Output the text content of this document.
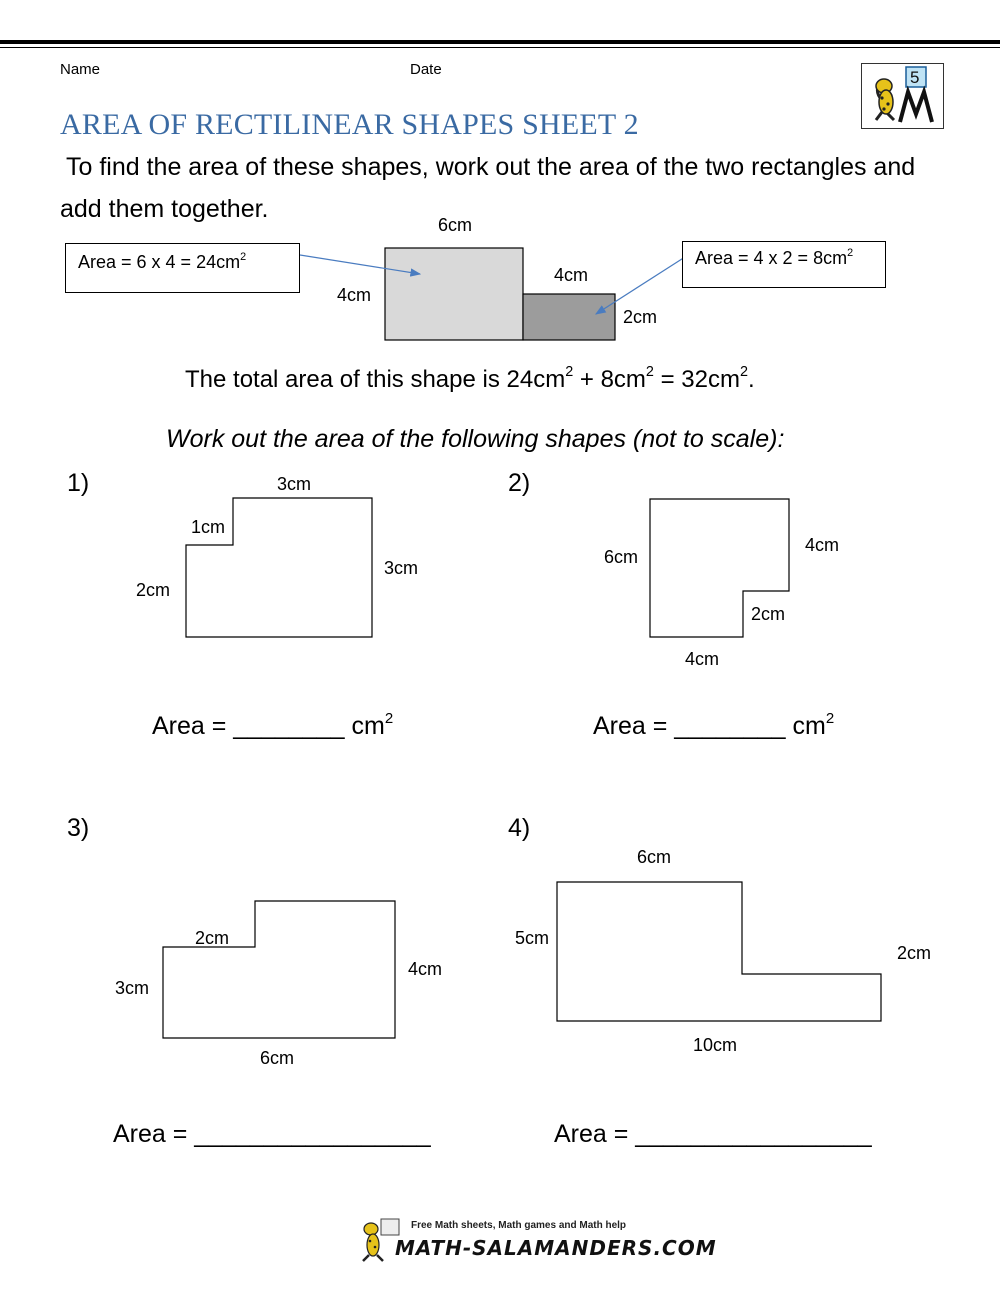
Name	Date	5
AREA OF RECTILINEAR SHAPES SHEET 2
To find the area of these shapes, work out the area of the two rectangles and add them together.
Area = 6 x $4 = 24cm^2$	Area = 4 x $2 = 8cm^2$
6cm
4cm
4cm
2cm
The total area of this shape is $24cm^2 + 8cm^2 = 32cm^2$.
Work out the area of the following shapes (not to scale):
1)	3cm
1cm
2cm
3cm
Area = ________ $cm^2$
2)
6cm
4cm
2cm
4cm
Area = ________ $cm^2$
3)
2cm
3cm
4cm
6cm
Area = _________________
4)
6cm
5cm
2cm
10cm
Area = _________________
Free Math sheets, Math games and Math help
MATH-SALAMANDERS.COM
